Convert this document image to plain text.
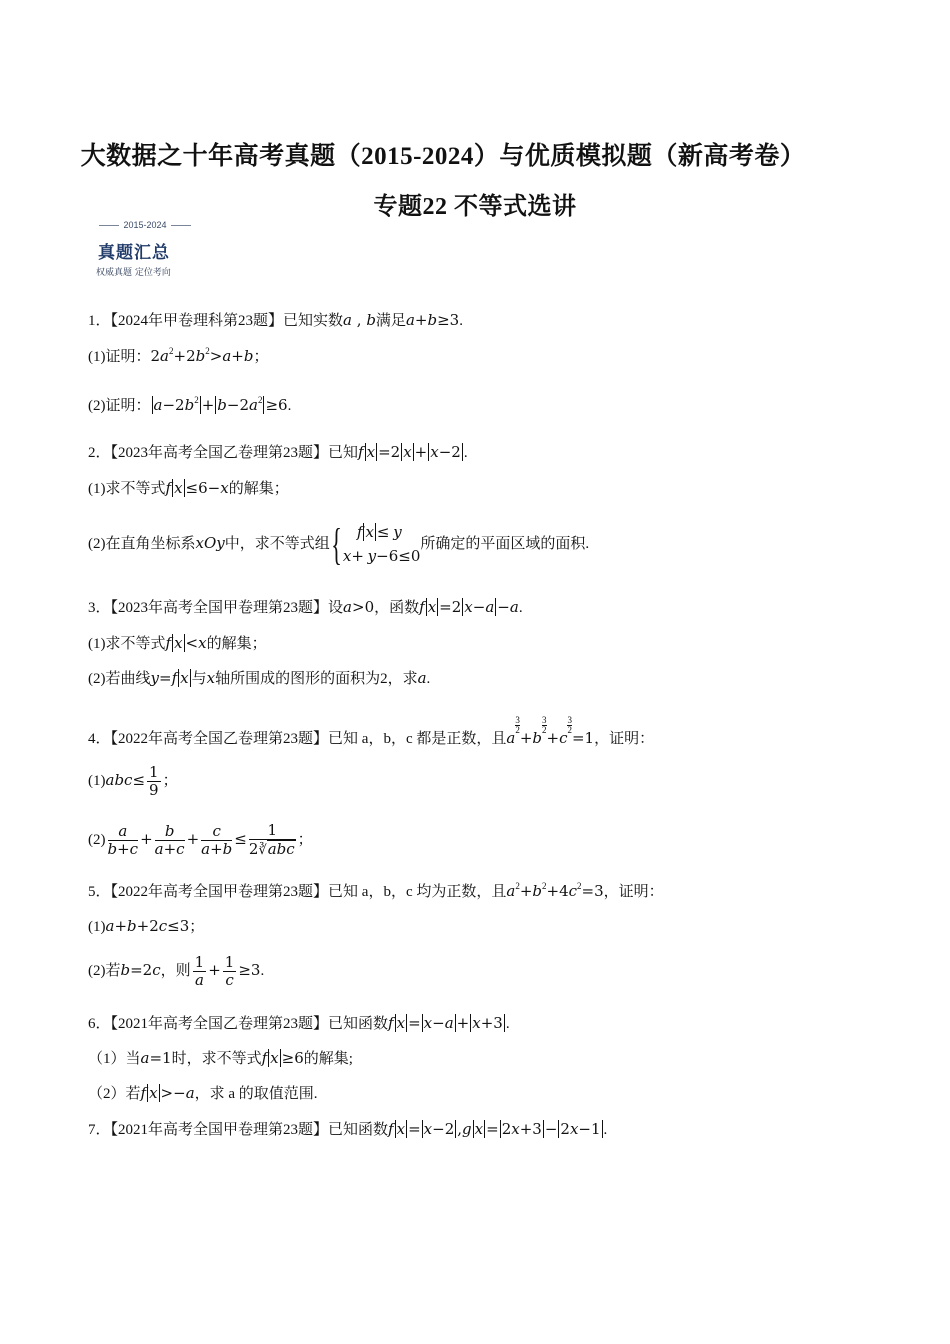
大数据之十年高考真题（2015-2024）与优质模拟题（新高考卷）
专题22 不等式选讲
2015-2024
真题汇总
权威真题 定位考向
1．【2024年甲卷理科第23题】已知实数a , b满足a+b≥3.
(1)证明：$2a^2+2b^2>a+b$；
(2)证明： $a-2b^2 + b-2a^2 \ge 6$.
2．【2023年高考全国乙卷理第23题】已知f x =2 x + x−2 .
(1)求不等式f x ≤6−x的解集；
(2)在直角坐标系xOy中，求不等式组{	f x ≤ y
x+ y−6≤0
所确定的平面区域的面积.
3．【2023年高考全国甲卷理第23题】设a>0，函数f x =2 x−a −a.
(1)求不等式f x <x的解集；
(2)若曲线y=f x 与x轴所围成的图形的面积为2，求a.
4．【2022年高考全国乙卷理第23题】已知 a，b，c 都是正数，且a
$\frac{3}{2}$
+b
$\frac{3}{2}$
+c
$\frac{3}{2}$
=1，证明：
$(1)abc\le \frac{1}{9}$ ；
$(2) \frac{a}{b+c} + \frac{b}{a+c} + \frac{c}{a+b} \le \frac{1}{\text{2∛abc}}$ ；
5．【2022年高考全国甲卷理第23题】已知 a，b，c 均为正数，且$a^2+b^2+4c^2=3$，证明：
(1)a+b+2c≤3；
(2)若b=2c，则 $\frac{1}{a} + \frac{1}{c} \ge 3$.
6．【2021年高考全国乙卷理第23题】已知函数f x = x−a + x+3 .
（1）当a=1时，求不等式f x ≥6的解集;
（2）若f x >−a，求 a 的取值范围.
7．【2021年高考全国甲卷理第23题】已知函数f x = x−2 ,g x = 2x+3 − 2x−1 .
